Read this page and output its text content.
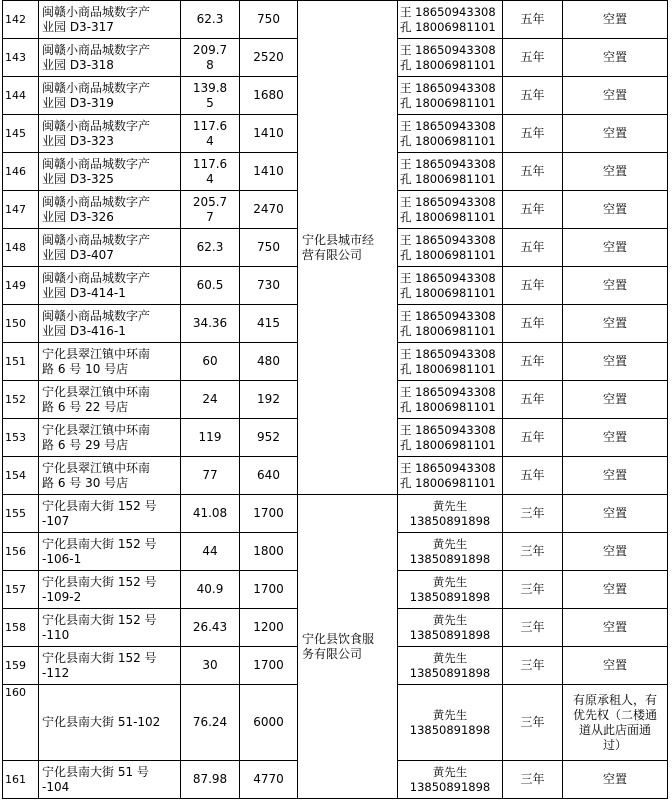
142	闽赣小商品城数字产
业园 D3-317	62.3	750	宁化县城市经
营有限公司	王 18650943308
孔 18006981101	五年	空置

143	闽赣小商品城数字产
业园 D3-318	209.7
8	2520		王 18650943308
孔 18006981101	五年	空置

144	闽赣小商品城数字产
业园 D3-319	139.8
5	1680		王 18650943308
孔 18006981101	五年	空置

145	闽赣小商品城数字产
业园 D3-323	117.6
4	1410		王 18650943308
孔 18006981101	五年	空置

146	闽赣小商品城数字产
业园 D3-325	117.6
4	1410		王 18650943308
孔 18006981101	五年	空置

147	闽赣小商品城数字产
业园 D3-326	205.7
7	2470		王 18650943308
孔 18006981101	五年	空置

148	闽赣小商品城数字产
业园 D3-407	62.3	750		王 18650943308
孔 18006981101	五年	空置

149	闽赣小商品城数字产
业园 D3-414-1	60.5	730		王 18650943308
孔 18006981101	五年	空置

150	闽赣小商品城数字产
业园 D3-416-1	34.36	415		王 18650943308
孔 18006981101	五年	空置

151	宁化县翠江镇中环南
路 6 号 10 号店	60	480		王 18650943308
孔 18006981101	五年	空置

152	宁化县翠江镇中环南
路 6 号 22 号店	24	192		王 18650943308
孔 18006981101	五年	空置

153	宁化县翠江镇中环南
路 6 号 29 号店	119	952		王 18650943308
孔 18006981101	五年	空置

154	宁化县翠江镇中环南
路 6 号 30 号店	77	640		王 18650943308
孔 18006981101	五年	空置

155	宁化县南大街 152 号
-107	41.08	1700	宁化县饮食服
务有限公司	黄先生
13850891898	三年	空置

156	宁化县南大街 152 号
-106-1	44	1800		黄先生
13850891898	三年	空置

157	宁化县南大街 152 号
-109-2	40.9	1700		黄先生
13850891898	三年	空置

158	宁化县南大街 152 号
-110	26.43	1200		黄先生
13850891898	三年	空置

159	宁化县南大街 152 号
-112	30	1700		黄先生
13850891898	三年	空置

160	宁化县南大街 51-102	76.24	6000		黄先生
13850891898	三年	有原承租人，有
优先权（二楼通
道从此店面通
过）

161	宁化县南大街 51 号
-104	87.98	4770		黄先生
13850891898	三年	空置
